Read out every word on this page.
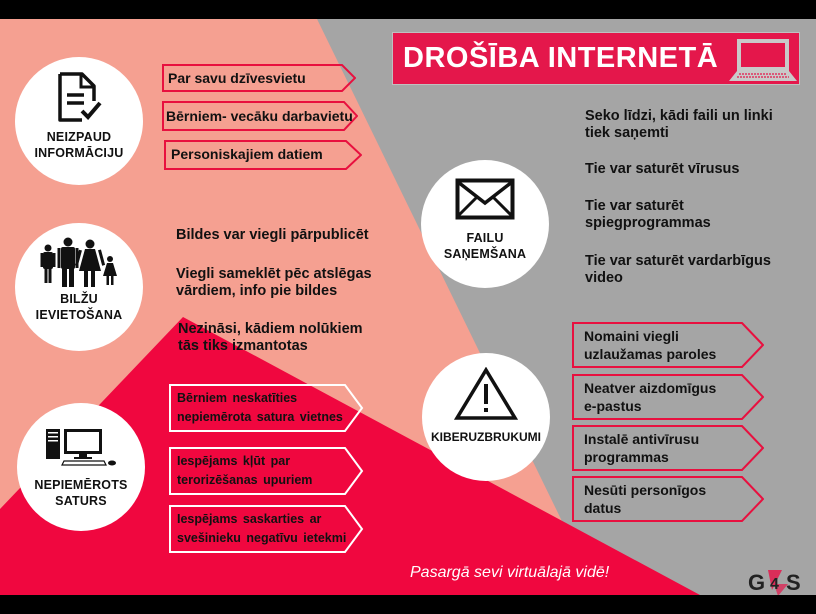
DROŠĪBA INTERNETĀ
NEIZPAUD
INFORMĀCIJU
Par savu dzīvesvietu
Bērniem- vecāku darbavietu
Personiskajiem datiem
BILŽU
IEVIETOŠANA
Bildes var viegli pārpublicēt
Viegli sameklēt pēc atslēgas
vārdiem, info pie bildes
Nezināsi, kādiem nolūkiem
tās tiks izmantotas
NEPIEMĒROTS
SATURS
Bērniem neskatīties
nepiemērota satura vietnes
Iespējams kļūt par
terorizēšanas upuriem
Iespējams saskarties ar
svešinieku negatīvu ietekmi
FAILU
SAŅEMŠANA
Seko līdzi, kādi faili un linki
tiek saņemti
Tie var saturēt vīrusus
Tie var saturēt
spiegprogrammas
Tie var saturēt vardarbīgus
video
KIBERUZBRUKUMI
Nomaini viegli
uzlaužamas paroles
Neatver aizdomīgus
e-pastus
Instalē antivīrusu
programmas
Nesūti personīgos
datus
Pasargā sevi virtuālajā vidē!	G 4 S
